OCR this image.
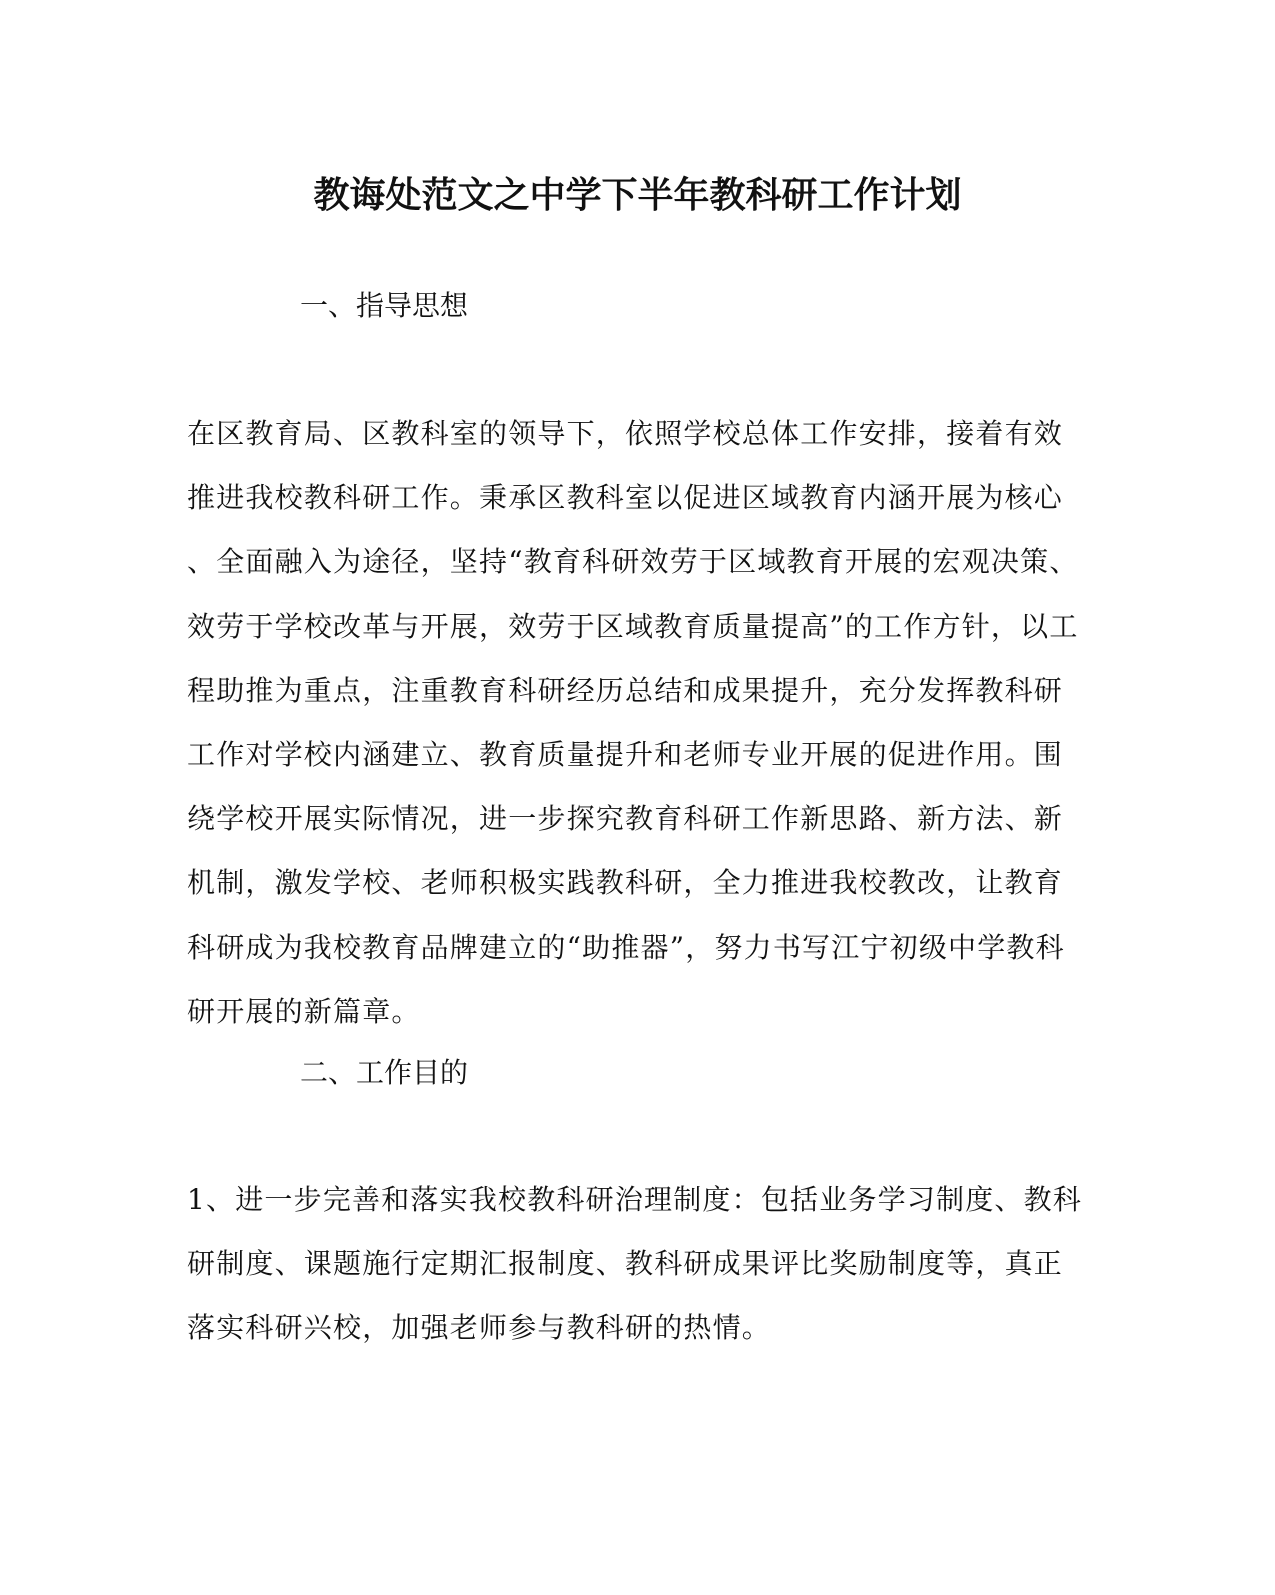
教诲处范文之中学下半年教科研工作计划
一、指导思想
在区教育局、区教科室的领导下，依照学校总体工作安排，接着有效
推进我校教科研工作。秉承区教科室以促进区域教育内涵开展为核心
、全面融入为途径，坚持“教育科研效劳于区域教育开展的宏观决策、
效劳于学校改革与开展，效劳于区域教育质量提高”的工作方针，以工
程助推为重点，注重教育科研经历总结和成果提升，充分发挥教科研
工作对学校内涵建立、教育质量提升和老师专业开展的促进作用。围
绕学校开展实际情况，进一步探究教育科研工作新思路、新方法、新
机制，激发学校、老师积极实践教科研，全力推进我校教改，让教育
科研成为我校教育品牌建立的“助推器”，努力书写江宁初级中学教科
研开展的新篇章。
二、工作目的
1、进一步完善和落实我校教科研治理制度：包括业务学习制度、教科
研制度、课题施行定期汇报制度、教科研成果评比奖励制度等，真正
落实科研兴校，加强老师参与教科研的热情。
